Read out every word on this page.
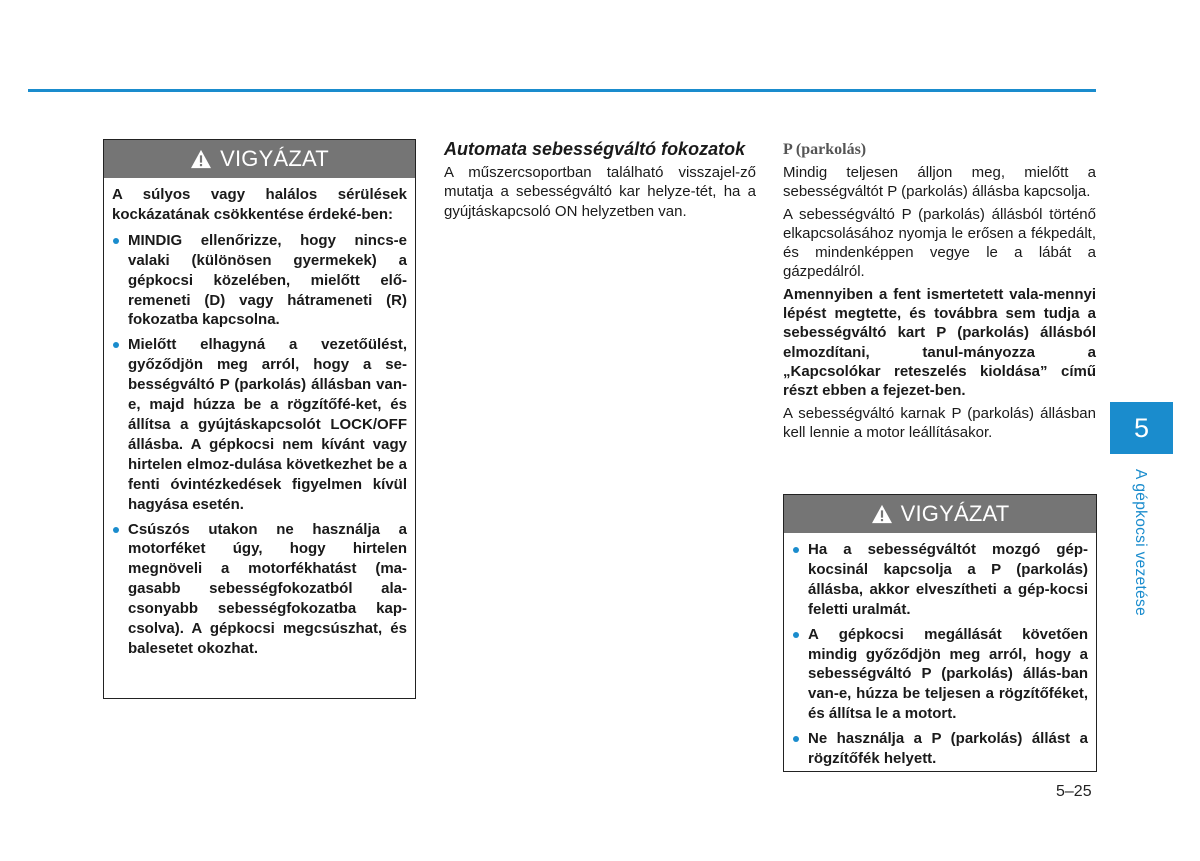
VIGYÁZAT

A súlyos vagy halálos sérülések kockázatának csökkentése érdeké-ben:

MINDIG ellenőrizze, hogy nincs-e valaki (különösen gyermekek) a gépkocsi közelében, mielőtt elő-remeneti (D) vagy hátrameneti (R) fokozatba kapcsolna.
Mielőtt elhagyná a vezetőülést, győződjön meg arról, hogy a se-bességváltó P (parkolás) állásban van-e, majd húzza be a rögzítőfé-ket, és állítsa a gyújtáskapcsolót LOCK/OFF állásba. A gépkocsi nem kívánt vagy hirtelen elmoz-dulása következhet be a fenti óvintézkedések figyelmen kívül hagyása esetén.
Csúszós utakon ne használja a motorféket úgy, hogy hirtelen megnöveli a motorfékhatást (ma-gasabb sebességfokozatból ala-csonyabb sebességfokozatba kap-csolva). A gépkocsi megcsúszhat, és balesetet okozhat.
Automata sebességváltó fokozatok

A műszercsoportban található visszajel-ző mutatja a sebességváltó kar helyze-tét, ha a gyújtáskapcsoló ON helyzetben van.

P (parkolás)

Mindig teljesen álljon meg, mielőtt a sebességváltót P (parkolás) állásba kapcsolja.

A sebességváltó P (parkolás) állásból történő elkapcsolásához nyomja le erősen a fékpedált, és mindenképpen vegye le a lábát a gázpedálról.

Amennyiben a fent ismertetett vala-mennyi lépést megtette, és továbbra sem tudja a sebességváltó kart P (parkolás) állásból elmozdítani, tanul-mányozza a „Kapcsolókar reteszelés kioldása” című részt ebben a fejezet-ben.

A sebességváltó karnak P (parkolás) állásban kell lennie a motor leállításakor.

VIGYÁZAT
Ha a sebességváltót mozgó gép-kocsinál kapcsolja a P (parkolás) állásba, akkor elveszítheti a gép-kocsi feletti uralmát.
A gépkocsi megállását követően mindig győződjön meg arról, hogy a sebességváltó P (parkolás) állás-ban van-e, húzza be teljesen a rögzítőféket, és állítsa le a motort.
Ne használja a P (parkolás) állást a rögzítőfék helyett.
5
A gépkocsi vezetése
5–25
